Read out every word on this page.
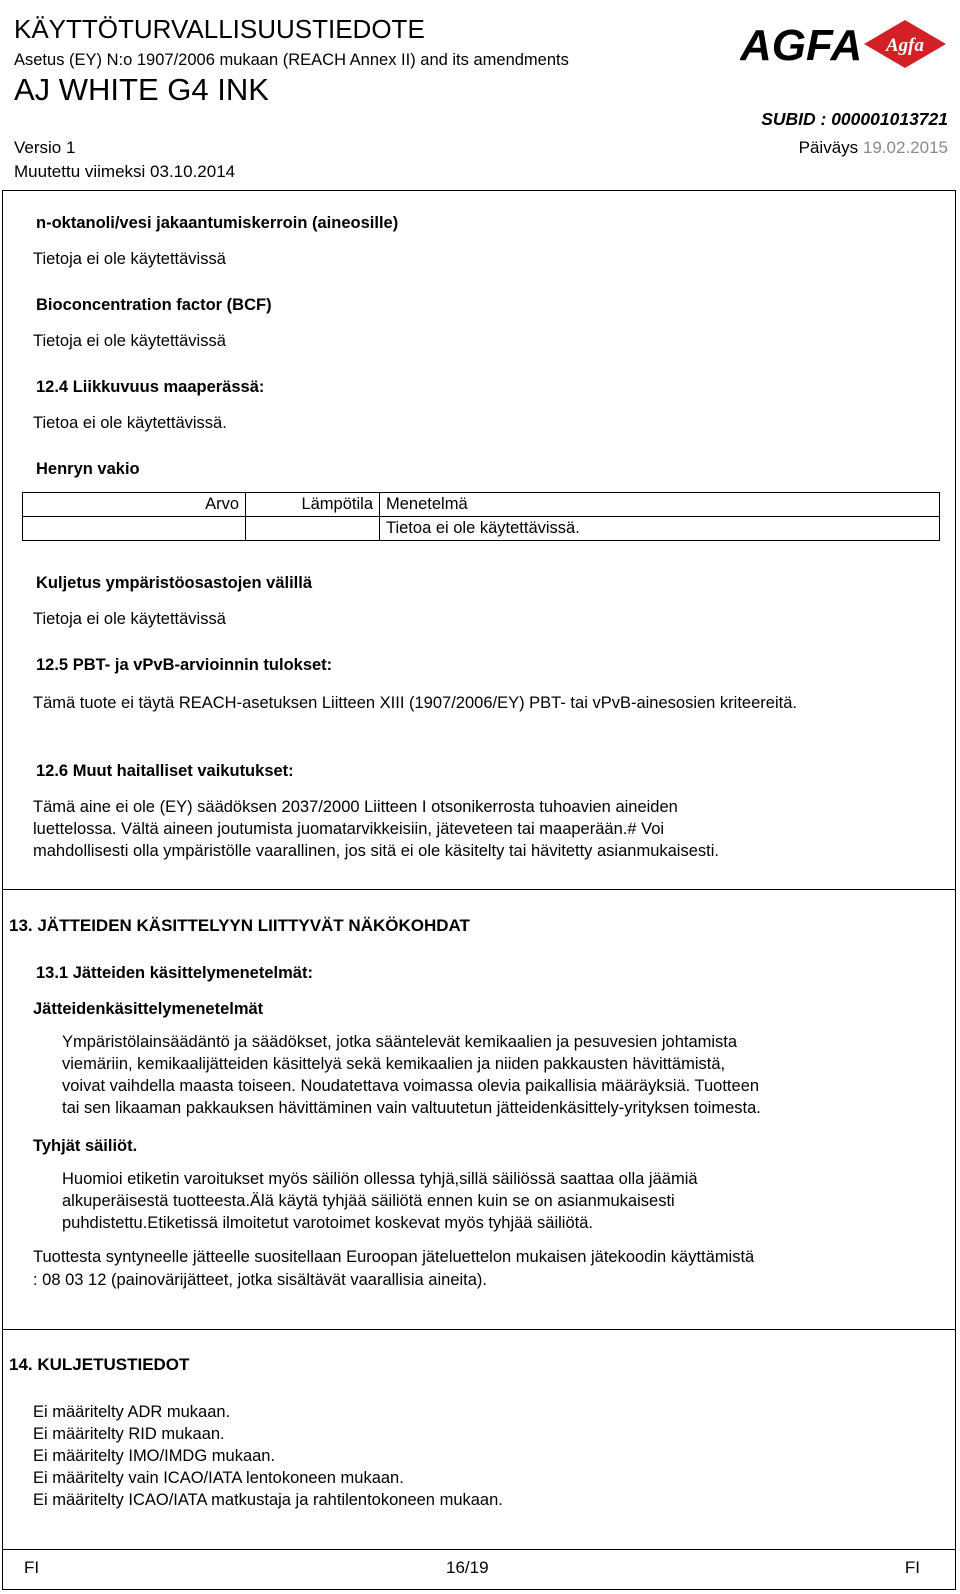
KÄYTTÖTURVALLISUUSTIEDOTE
Asetus (EY) N:o 1907/2006 mukaan (REACH Annex II) and its amendments
AJ WHITE G4 INK
Versio 1
Muutettu viimeksi 03.10.2014
SUBID : 000001013721
Päiväys 19.02.2015
AGFA Agfa
n-oktanoli/vesi jakaantumiskerroin (aineosille)
Tietoja ei ole käytettävissä
Bioconcentration factor (BCF)
Tietoja ei ole käytettävissä
12.4 Liikkuvuus maaperässä:
Tietoa ei ole käytettävissä.
Henryn vakio
Arvo	Lämpötila	Menetelmä
		Tietoa ei ole käytettävissä.
Kuljetus ympäristöosastojen välillä
Tietoja ei ole käytettävissä
12.5 PBT- ja vPvB-arvioinnin tulokset:
Tämä tuote ei täytä REACH-asetuksen Liitteen XIII (1907/2006/EY) PBT- tai vPvB-ainesosien kriteereitä.
12.6 Muut haitalliset vaikutukset:
Tämä aine ei ole (EY) säädöksen 2037/2000 Liitteen I otsonikerrosta tuhoavien aineiden
luettelossa. Vältä aineen joutumista juomatarvikkeisiin, jäteveteen tai maaperään.# Voi
mahdollisesti olla ympäristölle vaarallinen, jos sitä ei ole käsitelty tai hävitetty asianmukaisesti.
13. JÄTTEIDEN KÄSITTELYYN LIITTYVÄT NÄKÖKOHDAT
13.1 Jätteiden käsittelymenetelmät:
Jätteidenkäsittelymenetelmät
Ympäristölainsäädäntö ja säädökset, jotka sääntelevät kemikaalien ja pesuvesien johtamista
viemäriin, kemikaalijätteiden käsittelyä sekä kemikaalien ja niiden pakkausten hävittämistä,
voivat vaihdella maasta toiseen. Noudatettava voimassa olevia paikallisia määräyksiä. Tuotteen
tai sen likaaman pakkauksen hävittäminen vain valtuutetun jätteidenkäsittely-yrityksen toimesta.
Tyhjät säiliöt.
Huomioi etiketin varoitukset myös säiliön ollessa tyhjä,sillä säiliössä saattaa olla jäämiä
alkuperäisestä tuotteesta.Älä käytä tyhjää säiliötä ennen kuin se on asianmukaisesti
puhdistettu.Etiketissä ilmoitetut varotoimet koskevat myös tyhjää säiliötä.
Tuottesta syntyneelle jätteelle suositellaan Euroopan jäteluettelon mukaisen jätekoodin käyttämistä
: 08 03 12 (painovärijätteet, jotka sisältävät vaarallisia aineita).
14. KULJETUSTIEDOT
Ei määritelty ADR mukaan.
Ei määritelty RID mukaan.
Ei määritelty IMO/IMDG mukaan.
Ei määritelty vain ICAO/IATA lentokoneen mukaan.
Ei määritelty ICAO/IATA matkustaja ja rahtilentokoneen mukaan.
FI	16/19	FI
